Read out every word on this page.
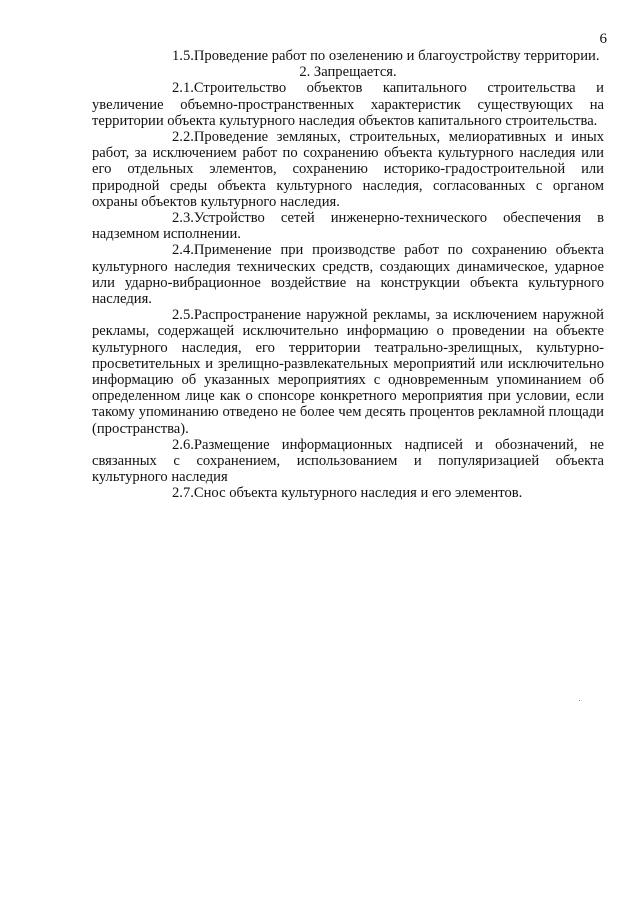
6

1.5.Проведение работ по озеленению и благоустройству территории.

2. Запрещается.

2.1.Строительство объектов капитального строительства и увеличение объемно-пространственных характеристик существующих на территории объекта культурного наследия объектов капитального строительства.

2.2.Проведение земляных, строительных, мелиоративных и иных работ, за исключением работ по сохранению объекта культурного наследия или его отдельных элементов, сохранению историко-градостроительной или природной среды объекта культурного наследия, согласованных с органом охраны объектов культурного наследия.

2.3.Устройство сетей инженерно-технического обеспечения в надземном исполнении.

2.4.Применение при производстве работ по сохранению объекта культурного наследия технических средств, создающих динамическое, ударное или ударно-вибрационное воздействие на конструкции объекта культурного наследия.

2.5.Распространение наружной рекламы, за исключением наружной рекламы, содержащей исключительно информацию о проведении на объекте культурного наследия, его территории театрально-зрелищных, культурно-просветительных и зрелищно-развлекательных мероприятий или исключительно информацию об указанных мероприятиях с одновременным упоминанием об определенном лице как о спонсоре конкретного мероприятия при условии, если такому упоминанию отведено не более чем десять процентов рекламной площади (пространства).

2.6.Размещение информационных надписей и обозначений, не связанных с сохранением, использованием и популяризацией объекта культурного наследия

2.7.Снос объекта культурного наследия и его элементов.
